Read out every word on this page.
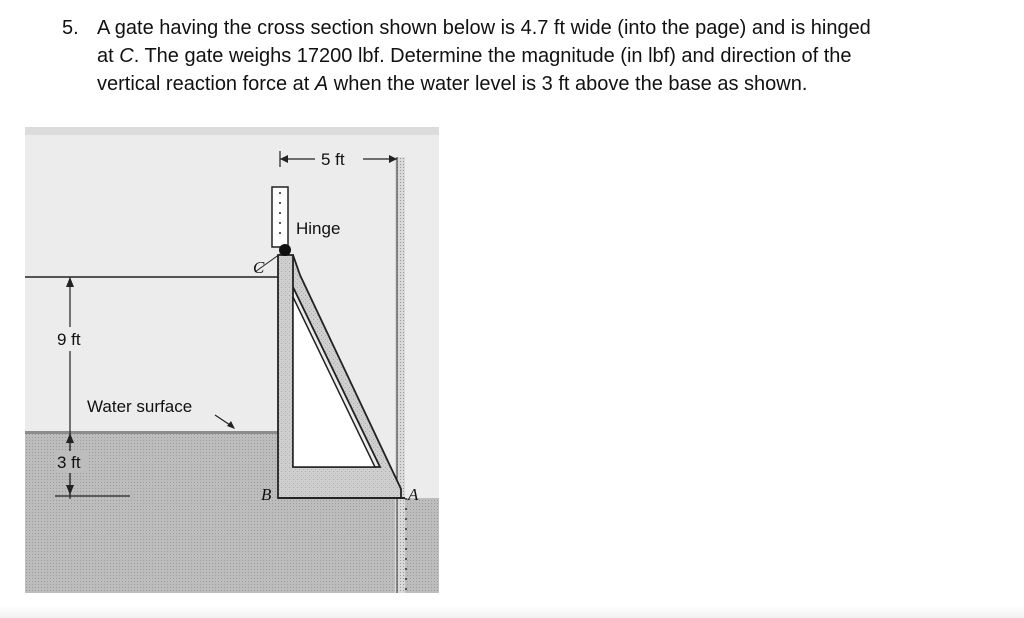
5. A gate having the cross section shown below is 4.7 ft wide (into the page) and is hinged
at C. The gate weighs 17200 lbf. Determine the magnitude (in lbf) and direction of the
vertical reaction force at A when the water level is 3 ft above the base as shown.
5 ft
Hinge
C
B	A
9 ft
Water surface
3 ft
